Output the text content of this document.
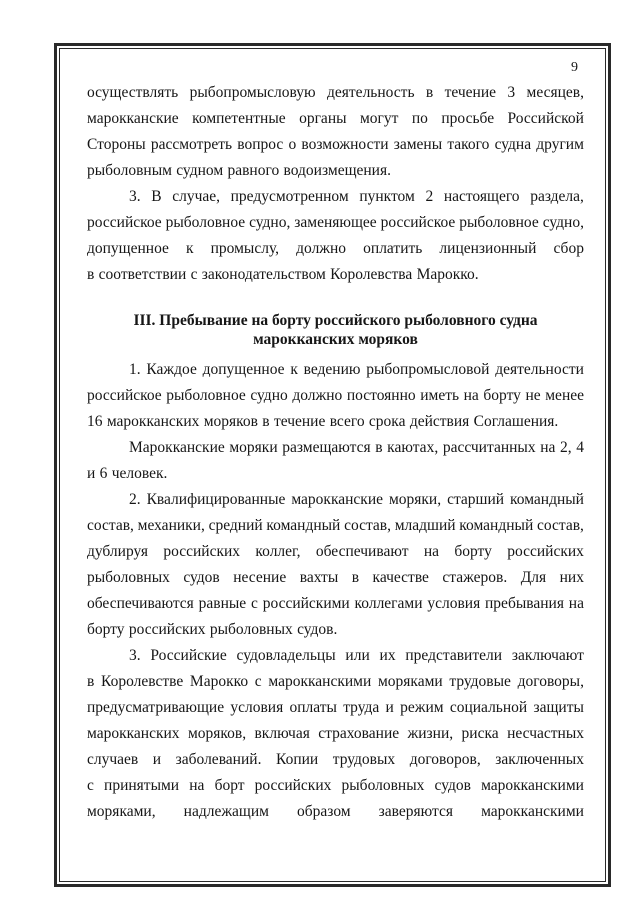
9
осуществлять рыбопромысловую деятельность в течение 3 месяцев,
марокканские компетентные органы могут по просьбе Российской
Стороны рассмотреть вопрос о возможности замены такого судна другим
рыболовным судном равного водоизмещения.
3. В случае, предусмотренном пунктом 2 настоящего раздела,
российское рыболовное судно, заменяющее российское рыболовное судно,
допущенное к промыслу, должно оплатить лицензионный сбор
в соответствии с законодательством Королевства Марокко.
III. Пребывание на борту российского рыболовного судна
марокканских моряков
1. Каждое допущенное к ведению рыбопромысловой деятельности
российское рыболовное судно должно постоянно иметь на борту не менее
16 марокканских моряков в течение всего срока действия Соглашения.
Марокканские моряки размещаются в каютах, рассчитанных на 2, 4
и 6 человек.
2. Квалифицированные марокканские моряки, старший командный
состав, механики, средний командный состав, младший командный состав,
дублируя российских коллег, обеспечивают на борту российских
рыболовных судов несение вахты в качестве стажеров. Для них
обеспечиваются равные с российскими коллегами условия пребывания на
борту российских рыболовных судов.
3. Российские судовладельцы или их представители заключают
в Королевстве Марокко с марокканскими моряками трудовые договоры,
предусматривающие условия оплаты труда и режим социальной защиты
марокканских моряков, включая страхование жизни, риска несчастных
случаев и заболеваний. Копии трудовых договоров, заключенных
с принятыми на борт российских рыболовных судов марокканскими
моряками, надлежащим образом заверяются марокканскими
